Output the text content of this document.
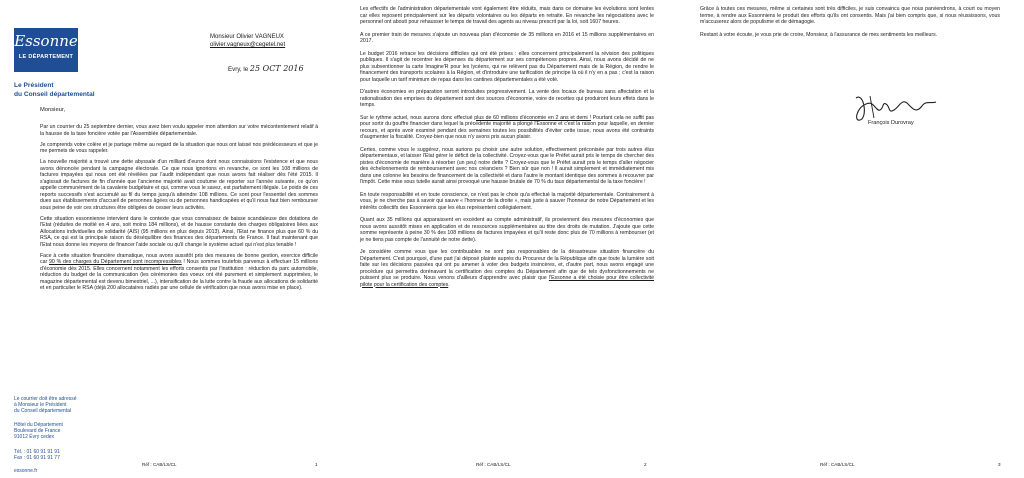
Essonne
LE DÉPARTEMENT
Le Président
du Conseil départemental
Monsieur Olivier VAGNEUX
olivier.vagneux@cegetel.net
Evry, le 25 OCT 2016
Monsieur,

Par un courrier du 25 septembre dernier, vous avez bien voulu appeler mon attention sur votre mécontentement relatif à la hausse de la taxe foncière votée par l'Assemblée départementale.

Je comprends votre colère et je partage même au regard de la situation que nous ont laissé nos prédécesseurs et que je me permets de vous rappeler.

La nouvelle majorité a trouvé une dette abyssale d'un milliard d'euros dont nous connaissions l'existence et que nous avons dénoncée pendant la campagne électorale. Ce que nous ignorions en revanche, ce sont les 108 millions de factures impayées qui nous ont été révélées par l'audit indépendant que nous avons fait réaliser dès l'été 2015. Il s'agissait de factures de fin d'année que l'ancienne majorité avait coutume de reporter sur l'année suivante, ce qu'on appelle communément de la cavalerie budgétaire et qui, comme vous le savez, est parfaitement illégale. Le poids de ces reports successifs s'est accumulé au fil du temps jusqu'à atteindre 108 millions. Ce sont pour l'essentiel des sommes dues aux établissements d'accueil de personnes âgées ou de personnes handicapées et qu'il nous faut bien rembourser sous peine de voir ces structures être obligées de cesser leurs activités.

Cette situation essonnienne intervient dans le contexte que vous connaissez de baisse scandaleuse des dotations de l'Etat (réduites de moitié en 4 ans, soit moins 184 millions), et de hausse constante des charges obligatoires liées aux Allocations individuelles de solidarité (AIS) (95 millions en plus depuis 2013). Ainsi, l'Etat ne finance plus que 60 % du RSA, ce qui est la principale raison du déséquilibre des finances des départements de France. Il faut maintenant que l'Etat nous donne les moyens de financer l'aide sociale ou qu'il change le système actuel qui n'est plus tenable !

Face à cette situation financière dramatique, nous avons aussitôt pris des mesures de bonne gestion, exercice difficile car 90 % des charges du Département sont incompressibles ! Nous sommes toutefois parvenus à effectuer 15 millions d'économie dès 2015. Elles concernent notamment les efforts consentis par l'institution : réduction du parc automobile, réduction du budget de la communication (les cérémonies des voeux ont été purement et simplement supprimées, le magazine départemental est devenu bimestriel, ...), intensification de la lutte contre la fraude aux allocations de solidarité et en particulier le RSA (déjà 200 allocataires radiés par une cellule de vérification que nous avons mise en place).

Le courrier doit être adressé
à Monsieur le Président
du Conseil départemental
Hôtel du Département
Boulevard de France
91012 Évry cedex
Tél. : 01 60 91 91 91
Fax : 01 60 91 91 77
essonne.fr
Réf : CAB/LS/CL	1

Les effectifs de l'administration départementale vont également être réduits, mais dans ce domaine les évolutions sont lentes car elles reposent principalement sur les départs volontaires ou les départs en retraite. En revanche les négociations avec le personnel ont abouti pour rehausser le temps de travail des agents au niveau prescrit par la loi, soit 1607 heures.

A ce premier train de mesures s'ajoute un nouveau plan d'économie de 35 millions en 2016 et 15 millions supplémentaires en 2017.

Le budget 2016 retrace les décisions difficiles qui ont été prises : elles concernent principalement la révision des politiques publiques. Il s'agit de recentrer les dépenses du département sur ses compétences propres. Ainsi, nous avons décidé de ne plus subventionner la carte Imagine'R pour les lycéens, qui ne relèvent pas du Département mais de la Région, de rendre le financement des transports scolaires à la Région, et d'introduire une tarification de principe là où il n'y en a pas ; c'est la raison pour laquelle un tarif minimum de repas dans les cantines départementales a été voté.

D'autres économies en préparation seront introduites progressivement. La vente des locaux de bureau sans affectation et la rationalisation des emprises du département sont des sources d'économie, voire de recettes qui produiront leurs effets dans le temps.

Sur le rythme actuel, nous aurons donc effectué plus de 60 millions d'économie en 2 ans et demi ! Pourtant cela ne suffit pas pour sortir du gouffre financier dans lequel la précédente majorité a plongé l'Essonne et c'est la raison pour laquelle, en dernier recours, et après avoir examiné pendant des semaines toutes les possibilités d'éviter cette issue, nous avons été contraints d'augmenter la fiscalité. Croyez-bien que nous n'y avons pris aucun plaisir.

Certes, comme vous le suggérez, nous aurions pu choisir une autre solution, effectivement préconisée par trois autres élus départementaux, et laisser l'Etat gérer le déficit de la collectivité. Croyez-vous que le Préfet aurait pris le temps de chercher des pistes d'économie de manière à résorber (un peu) notre dette ? Croyez-vous que le Préfet aurait pris le temps d'aller négocier des échelonnements de remboursement avec nos créanciers ? Bien sûr que non ! Il aurait simplement et immédiatement mis dans une colonne les besoins de financement de la collectivité et dans l'autre le montant identique des sommes à recouvrer par l'impôt. Cette mise sous tutelle aurait ainsi provoqué une hausse brutale de 70 % du taux départemental de la taxe foncière !

En toute responsabilité et en toute conscience, ce n'est pas le choix qu'a effectué la majorité départementale. Contrairement à vous, je ne cherche pas à savoir qui sauve « l'honneur de la droite », mais juste à sauver l'honneur de notre Département et les intérêts collectifs des Essonniens que les élus représentent collégialement.

Quant aux 35 millions qui apparaissent en excédent au compte administratif, ils proviennent des mesures d'économies que nous avons aussitôt mises en application et de ressources supplémentaires au titre des droits de mutation. J'ajoute que cette somme représente à peine 30 % des 108 millions de factures impayées et qu'il reste donc plus de 70 millions à rembourser (et je ne tiens pas compte de l'annuité de notre dette).

Je considère comme vous que les contribuables ne sont pas responsables de la désastreuse situation financière du Département. C'est pourquoi, d'une part j'ai déposé plainte auprès du Procureur de la République afin que toute la lumière soit faite sur les décisions passées qui ont pu amener à voter des budgets insincères, et, d'autre part, nous avons engagé une procédure qui permettra dorénavant la certification des comptes du Département afin que de tels dysfonctionnements ne puissent plus se produire. Nous venons d'ailleurs d'apprendre avec plaisir que l'Essonne a été choisie pour être collectivité pilote pour la certification des comptes.

Réf : CAB/LS/CL	2

Grâce à toutes ces mesures, même si certaines sont très difficiles, je suis convaincu que nous parviendrons, à court ou moyen terme, à rendre aux Essonniens le produit des efforts qu'ils ont consentis. Mais j'ai bien compris que, si nous réussissons, vous m'accuserez alors de populisme et de démagogie.

Restant à votre écoute, je vous prie de croire, Monsieur, à l'assurance de mes sentiments les meilleurs.

François Durovray
Réf : CAB/LS/CL	3
